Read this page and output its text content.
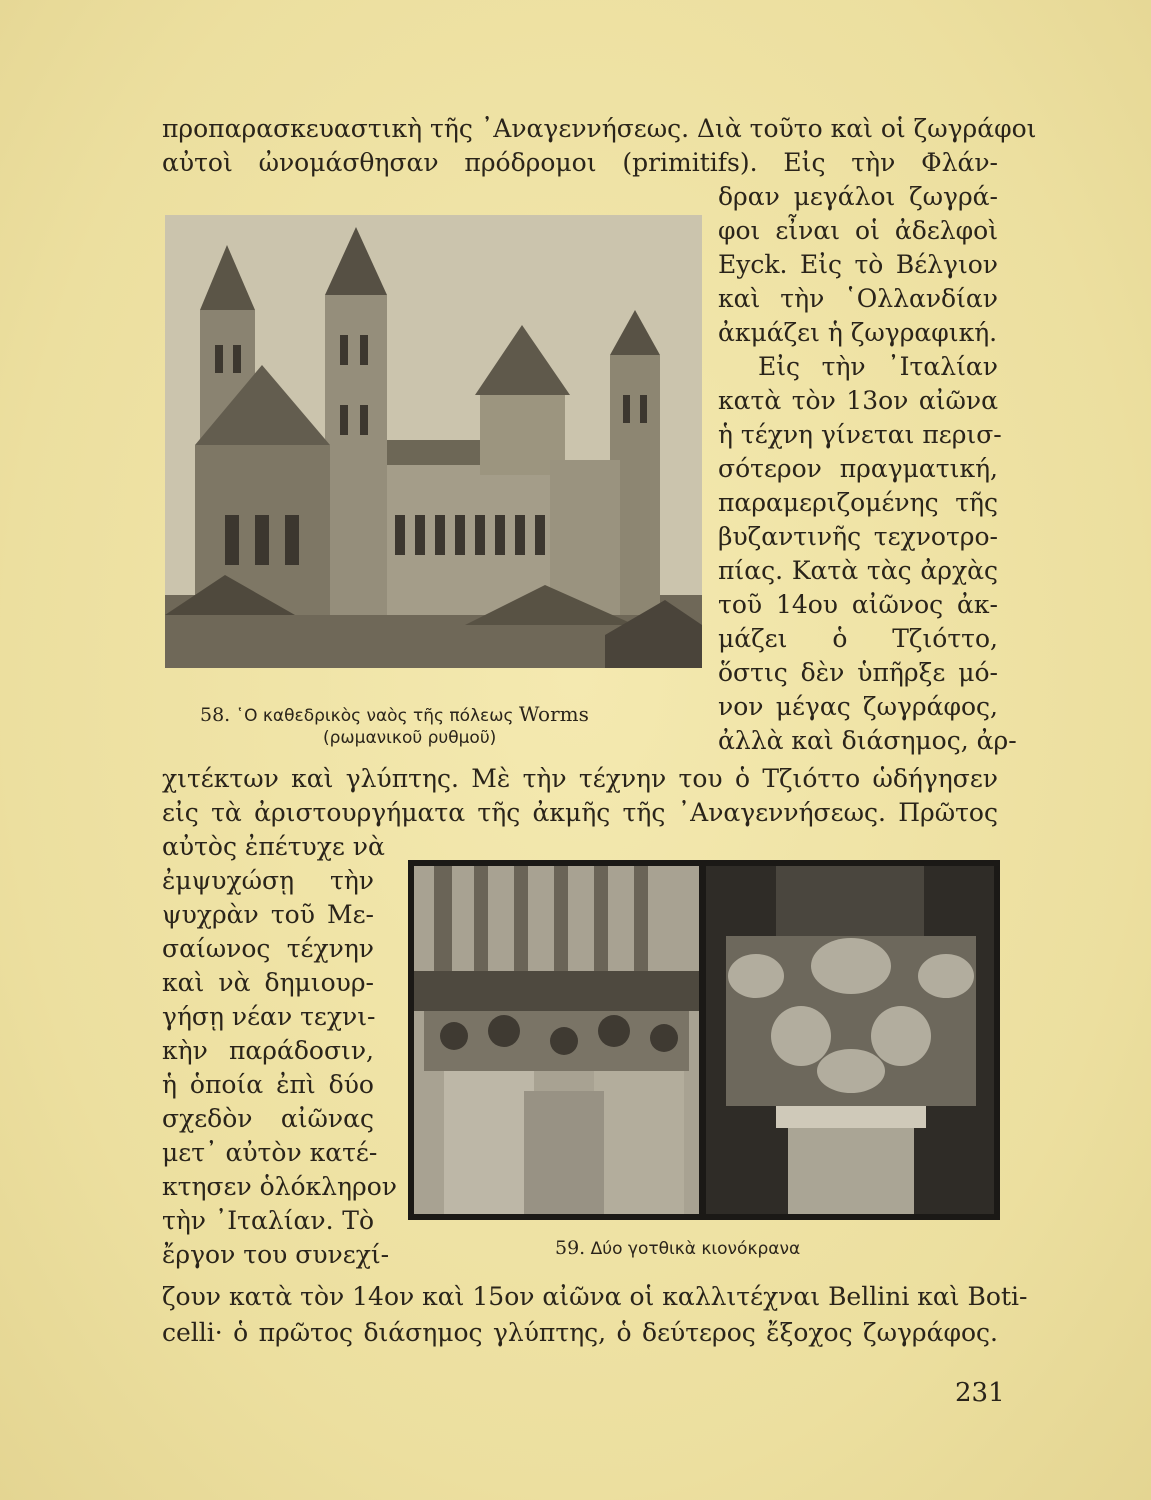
προπαρασκευαστικὴ τῆς ᾿Αναγεννήσεως. Διὰ τοῦτο καὶ οἱ ζωγράφοι
αὐτοὶ ὠνομάσθησαν πρόδρομοι (primitifs). Εἰς τὴν Φλάν-
δραν μεγάλοι ζωγρά-
φοι εἶναι οἱ ἀδελφοὶ
Eyck. Εἰς τὸ Βέλγιον
καὶ τὴν ῾Ολλανδίαν
ἀκμάζει ἡ ζωγραφική.
Εἰς τὴν ᾿Ιταλίαν
κατὰ τὸν 13ον αἰῶνα
ἡ τέχνη γίνεται περισ-
σότερον πραγματική,
παραμεριζομένης τῆς
βυζαντινῆς τεχνοτρο-
πίας. Κατὰ τὰς ἀρχὰς
τοῦ 14ου αἰῶνος ἀκ-
μάζει ὁ Τζιόττο,
ὅστις δὲν ὑπῆρξε μό-
νον μέγας ζωγράφος,
ἀλλὰ καὶ διάσημος, ἀρ-
χιτέκτων καὶ γλύπτης. Μὲ τὴν τέχνην του ὁ Τζιόττο ὡδήγησεν
εἰς τὰ ἀριστουργήματα τῆς ἀκμῆς τῆς ᾿Αναγεννήσεως. Πρῶτος
αὐτὸς ἐπέτυχε νὰ
ἐμψυχώσῃ τὴν
ψυχρὰν τοῦ Με-
σαίωνος τέχνην
καὶ νὰ δημιουρ-
γήσῃ νέαν τεχνι-
κὴν παράδοσιν,
ἡ ὁποία ἐπὶ δύο
σχεδὸν αἰῶνας
μετ᾿ αὐτὸν κατέ-
κτησεν ὁλόκληρον
τὴν ᾿Ιταλίαν. Τὸ
ἔργον του συνεχί-
ζουν κατὰ τὸν 14ον καὶ 15ον αἰῶνα οἱ καλλιτέχναι Bellini καὶ Boti-
celli· ὁ πρῶτος διάσημος γλύπτης, ὁ δεύτερος ἔξοχος ζωγράφος.
58. ῾Ο καθεδρικὸς ναὸς τῆς πόλεως Worms
(ρωμανικοῦ ρυθμοῦ)
59. Δύο γοτθικὰ κιονόκρανα
231
